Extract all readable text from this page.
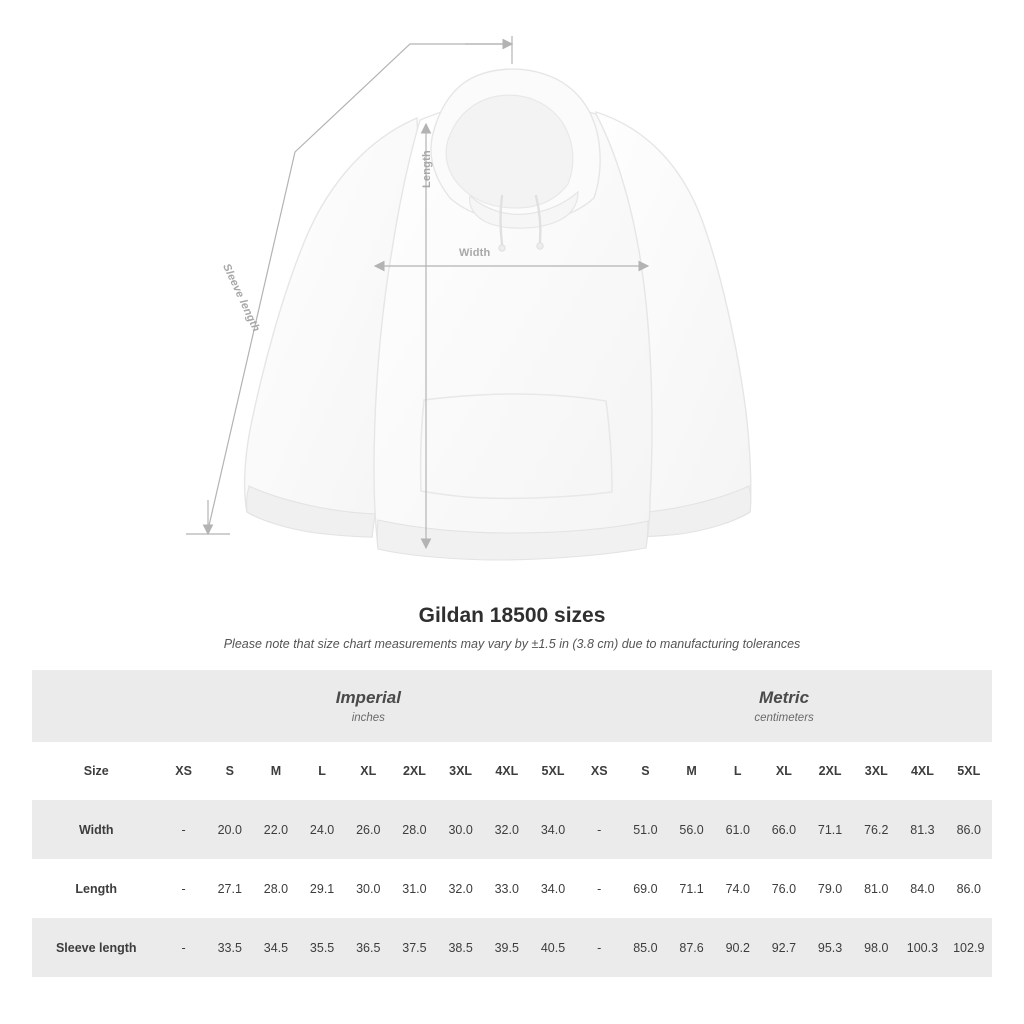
Length
Width
Sleeve length
Gildan 18500 sizes

Please note that size chart measurements may vary by ±1.5 in (3.8 cm) due to manufacturing tolerances

	Imperial
inches									Metric
centimeters								

Size	XS	S	M	L	XL	2XL	3XL	4XL	5XL	XS	S	M	L	XL	2XL	3XL	4XL	5XL
Width	-	20.0	22.0	24.0	26.0	28.0	30.0	32.0	34.0	-	51.0	56.0	61.0	66.0	71.1	76.2	81.3	86.0
Length	-	27.1	28.0	29.1	30.0	31.0	32.0	33.0	34.0	-	69.0	71.1	74.0	76.0	79.0	81.0	84.0	86.0
Sleeve length	-	33.5	34.5	35.5	36.5	37.5	38.5	39.5	40.5	-	85.0	87.6	90.2	92.7	95.3	98.0	100.3	102.9
